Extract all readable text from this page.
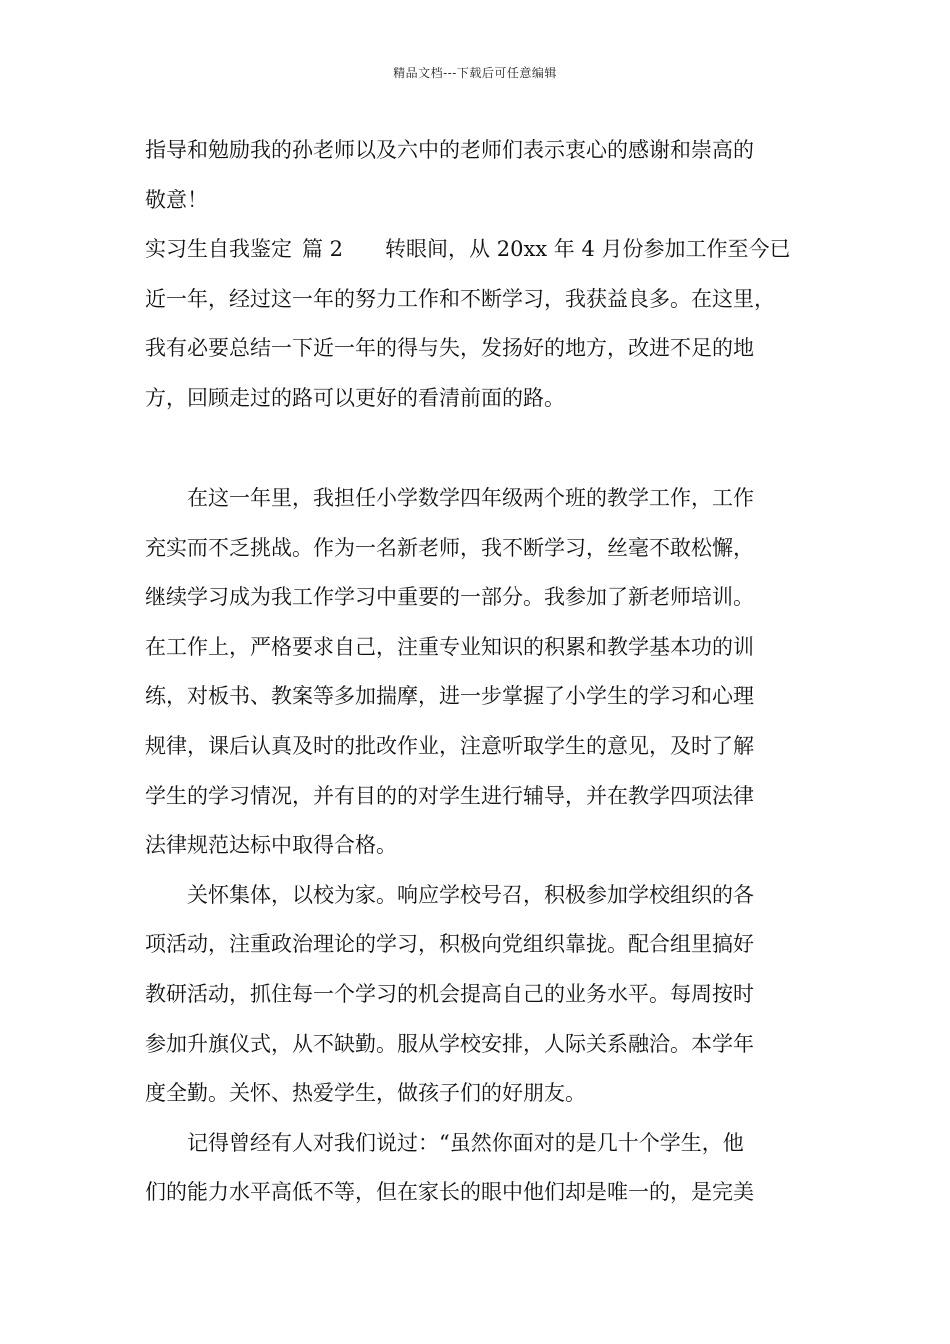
精品文档---下载后可任意编辑
指导和勉励我的孙老师以及六中的老师们表示衷心的感谢和崇高的
敬意！
实习生自我鉴定 篇 2 转眼间，从 20xx 年 4 月份参加工作至今已
近一年，经过这一年的努力工作和不断学习，我获益良多。在这里，
我有必要总结一下近一年的得与失，发扬好的地方，改进不足的地
方，回顾走过的路可以更好的看清前面的路。
在这一年里，我担任小学数学四年级两个班的教学工作，工作
充实而不乏挑战。作为一名新老师，我不断学习，丝毫不敢松懈，
继续学习成为我工作学习中重要的一部分。我参加了新老师培训。
在工作上，严格要求自己，注重专业知识的积累和教学基本功的训
练，对板书、教案等多加揣摩，进一步掌握了小学生的学习和心理
规律，课后认真及时的批改作业，注意听取学生的意见，及时了解
学生的学习情况，并有目的的对学生进行辅导，并在教学四项法律
法律规范达标中取得合格。
关怀集体，以校为家。响应学校号召，积极参加学校组织的各
项活动，注重政治理论的学习，积极向党组织靠拢。配合组里搞好
教研活动，抓住每一个学习的机会提高自己的业务水平。每周按时
参加升旗仪式，从不缺勤。服从学校安排，人际关系融洽。本学年
度全勤。关怀、热爱学生，做孩子们的好朋友。
记得曾经有人对我们说过：“虽然你面对的是几十个学生，他
们的能力水平高低不等，但在家长的眼中他们却是唯一的，是完美
